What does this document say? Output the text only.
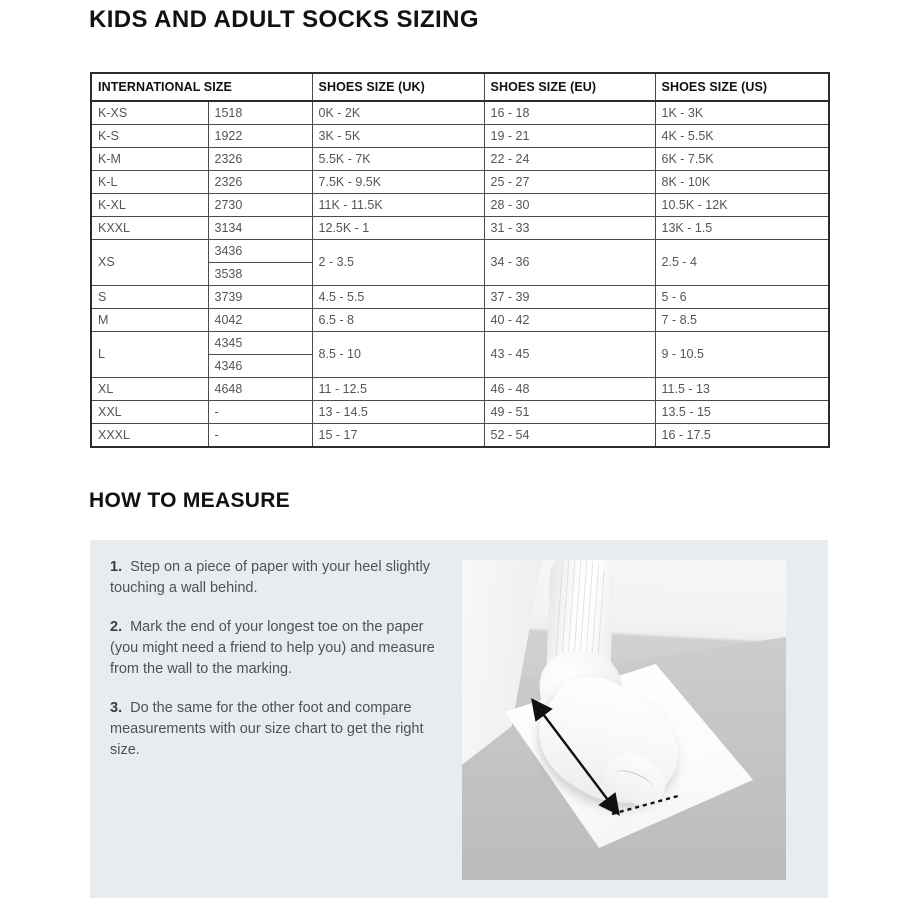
KIDS AND ADULT SOCKS SIZING
INTERNATIONAL SIZE		SHOES SIZE (UK)	SHOES SIZE (EU)	SHOES SIZE (US)
K-XS	1518	0K - 2K	16 - 18	1K - 3K
K-S	1922	3K - 5K	19 - 21	4K - 5.5K
K-M	2326	5.5K - 7K	22 - 24	6K - 7.5K
K-L	2326	7.5K - 9.5K	25 - 27	8K - 10K
K-XL	2730	11K - 11.5K	28 - 30	10.5K - 12K
KXXL	3134	12.5K - 1	31 - 33	13K - 1.5
XS	3436	2 - 3.5	34 - 36	2.5 - 4
	3538			
S	3739	4.5 - 5.5	37 - 39	5 - 6
M	4042	6.5 - 8	40 - 42	7 - 8.5
L	4345	8.5 - 10	43 - 45	9 - 10.5
	4346			
XL	4648	11 - 12.5	46 - 48	11.5 - 13
XXL	-	13 - 14.5	49 - 51	13.5 - 15
XXXL	-	15 - 17	52 - 54	16 - 17.5
HOW TO MEASURE
1. Step on a piece of paper with your heel slightly touching a wall behind.
2. Mark the end of your longest toe on the paper (you might need a friend to help you) and measure from the wall to the marking.
3. Do the same for the other foot and compare measurements with our size chart to get the right size.
